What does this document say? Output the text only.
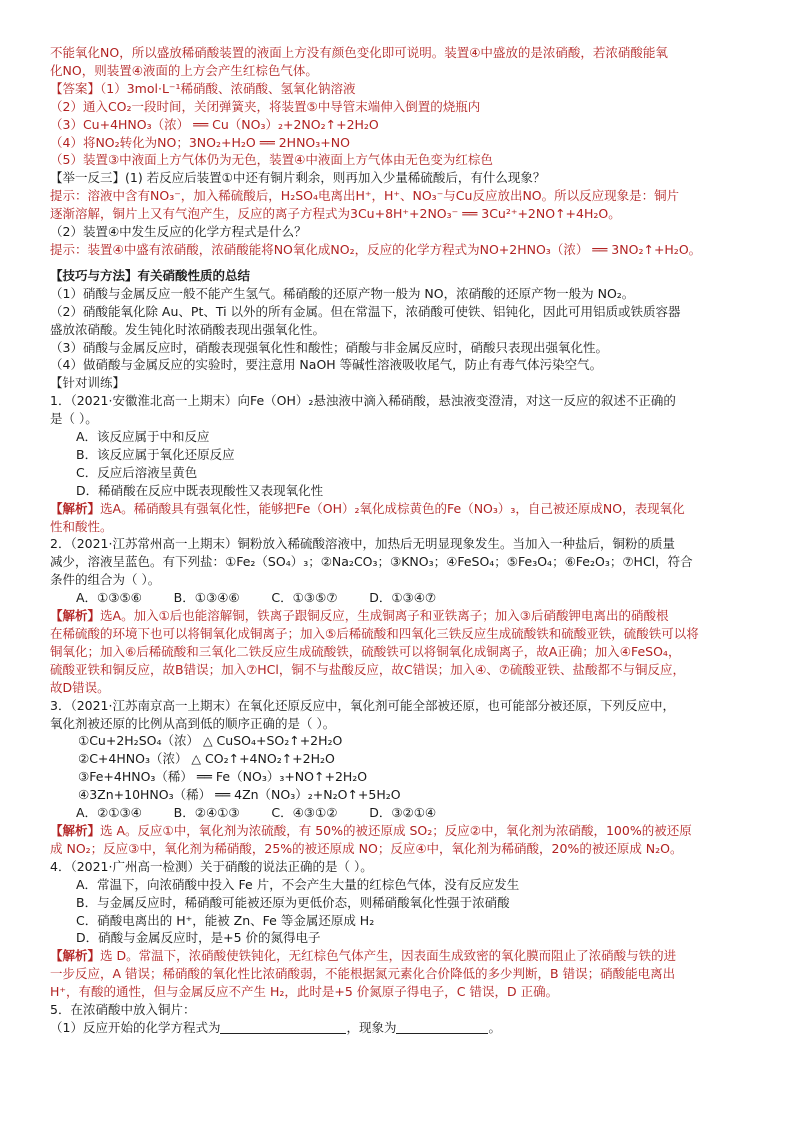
不能氧化NO，所以盛放稀硝酸装置的液面上方没有颜色变化即可说明。装置④中盛放的是浓硝酸，若浓硝酸能氧

化NO，则装置④液面的上方会产生红棕色气体。

【答案】（1）3mol·L⁻¹稀硝酸、浓硝酸、氢氧化钠溶液

（2）通入CO₂一段时间，关闭弹簧夹，将装置⑤中导管末端伸入倒置的烧瓶内

（3）Cu+4HNO₃（浓） ══ Cu（NO₃）₂+2NO₂↑+2H₂O

（4）将NO₂转化为NO；3NO₂+H₂O ══ 2HNO₃+NO

（5）装置③中液面上方气体仍为无色，装置④中液面上方气体由无色变为红棕色

【举一反三】(1) 若反应后装置①中还有铜片剩余，则再加入少量稀硫酸后，有什么现象？

提示：溶液中含有NO₃⁻，加入稀硫酸后，H₂SO₄电离出H⁺，H⁺、NO₃⁻与Cu反应放出NO。所以反应现象是：铜片

逐渐溶解，铜片上又有气泡产生，反应的离子方程式为3Cu+8H⁺+2NO₃⁻ ══ 3Cu²⁺+2NO↑+4H₂O。

（2）装置④中发生反应的化学方程式是什么？

提示：装置④中盛有浓硝酸，浓硝酸能将NO氧化成NO₂，反应的化学方程式为NO+2HNO₃（浓） ══ 3NO₂↑+H₂O。

【技巧与方法】有关硝酸性质的总结

（1）硝酸与金属反应一般不能产生氢气。稀硝酸的还原产物一般为 NO，浓硝酸的还原产物一般为 NO₂。

（2）硝酸能氧化除 Au、Pt、Ti 以外的所有金属。但在常温下，浓硝酸可使铁、铝钝化，因此可用铝质或铁质容器

盛放浓硝酸。发生钝化时浓硝酸表现出强氧化性。

（3）硝酸与金属反应时，硝酸表现强氧化性和酸性；硝酸与非金属反应时，硝酸只表现出强氧化性。

（4）做硝酸与金属反应的实验时，要注意用 NaOH 等碱性溶液吸收尾气，防止有毒气体污染空气。

【针对训练】

1．（2021·安徽淮北高一上期末）向Fe（OH）₂悬浊液中滴入稀硝酸，悬浊液变澄清，对这一反应的叙述不正确的

是（ ）。

A．该反应属于中和反应

B．该反应属于氧化还原反应

C．反应后溶液呈黄色

D．稀硝酸在反应中既表现酸性又表现氧化性

【解析】选A。稀硝酸具有强氧化性，能够把Fe（OH）₂氧化成棕黄色的Fe（NO₃）₃，自己被还原成NO，表现氧化

性和酸性。

2．（2021·江苏常州高一上期末）铜粉放入稀硫酸溶液中，加热后无明显现象发生。当加入一种盐后，铜粉的质量

减少，溶液呈蓝色。有下列盐：①Fe₂（SO₄）₃；②Na₂CO₃；③KNO₃；④FeSO₄；⑤Fe₃O₄；⑥Fe₂O₃；⑦HCl，符合

条件的组合为（ ）。

A．①③⑤⑥        B．①③④⑥        C．①③⑤⑦        D．①③④⑦

【解析】选A。加入①后也能溶解铜，铁离子跟铜反应，生成铜离子和亚铁离子；加入③后硝酸钾电离出的硝酸根

在稀硫酸的环境下也可以将铜氧化成铜离子；加入⑤后稀硫酸和四氧化三铁反应生成硫酸铁和硫酸亚铁，硫酸铁可以将

铜氧化；加入⑥后稀硫酸和三氧化二铁反应生成硫酸铁，硫酸铁可以将铜氧化成铜离子，故A正确；加入④FeSO₄，

硫酸亚铁和铜反应，故B错误；加入⑦HCl，铜不与盐酸反应，故C错误；加入④、⑦硫酸亚铁、盐酸都不与铜反应，

故D错误。

3．（2021·江苏南京高一上期末）在氧化还原反应中，氧化剂可能全部被还原，也可能部分被还原，下列反应中，

氧化剂被还原的比例从高到低的顺序正确的是（ ）。

①Cu+2H₂SO₄（浓） △ CuSO₄+SO₂↑+2H₂O

②C+4HNO₃（浓） △ CO₂↑+4NO₂↑+2H₂O

③Fe+4HNO₃（稀） ══ Fe（NO₃）₃+NO↑+2H₂O

④3Zn+10HNO₃（稀） ══ 4Zn（NO₃）₂+N₂O↑+5H₂O

A．②①③④        B．②④①③        C．④③①②        D．③②①④

【解析】选 A。反应①中，氧化剂为浓硫酸，有 50%的被还原成 SO₂；反应②中，氧化剂为浓硝酸，100%的被还原

成 NO₂；反应③中，氧化剂为稀硝酸，25%的被还原成 NO；反应④中，氧化剂为稀硝酸，20%的被还原成 N₂O。

4．（2021·广州高一检测）关于硝酸的说法正确的是（ ）。

A．常温下，向浓硝酸中投入 Fe 片，不会产生大量的红棕色气体，没有反应发生

B．与金属反应时，稀硝酸可能被还原为更低价态，则稀硝酸氧化性强于浓硝酸

C．硝酸电离出的 H⁺，能被 Zn、Fe 等金属还原成 H₂

D．硝酸与金属反应时，是+5 价的氮得电子

【解析】选 D。常温下，浓硝酸使铁钝化，无红棕色气体产生，因表面生成致密的氧化膜而阻止了浓硝酸与铁的进

一步反应，A 错误；稀硝酸的氧化性比浓硝酸弱，不能根据氮元素化合价降低的多少判断，B 错误；硝酸能电离出

H⁺，有酸的通性，但与金属反应不产生 H₂，此时是+5 价氮原子得电子，C 错误，D 正确。

5．在浓硝酸中放入铜片：

（1）反应开始的化学方程式为	，现象为	。
